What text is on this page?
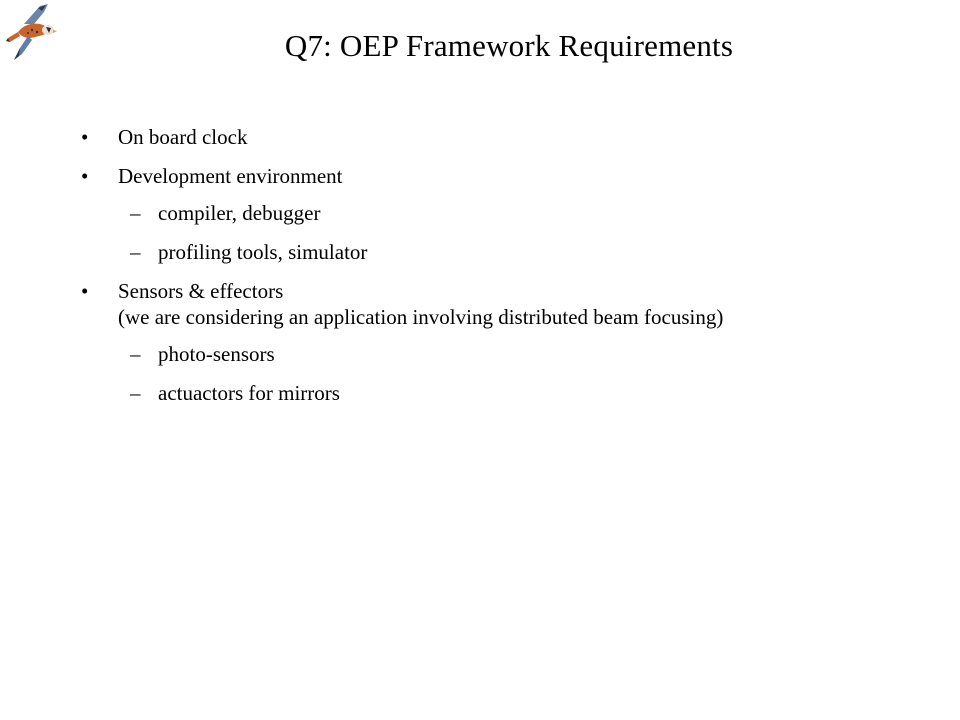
Q7: OEP Framework Requirements
• On board clock
• Development environment
– compiler, debugger
– profiling tools, simulator
• Sensors & effectors
(we are considering an application involving distributed beam focusing)
– photo-sensors
– actuactors for mirrors
